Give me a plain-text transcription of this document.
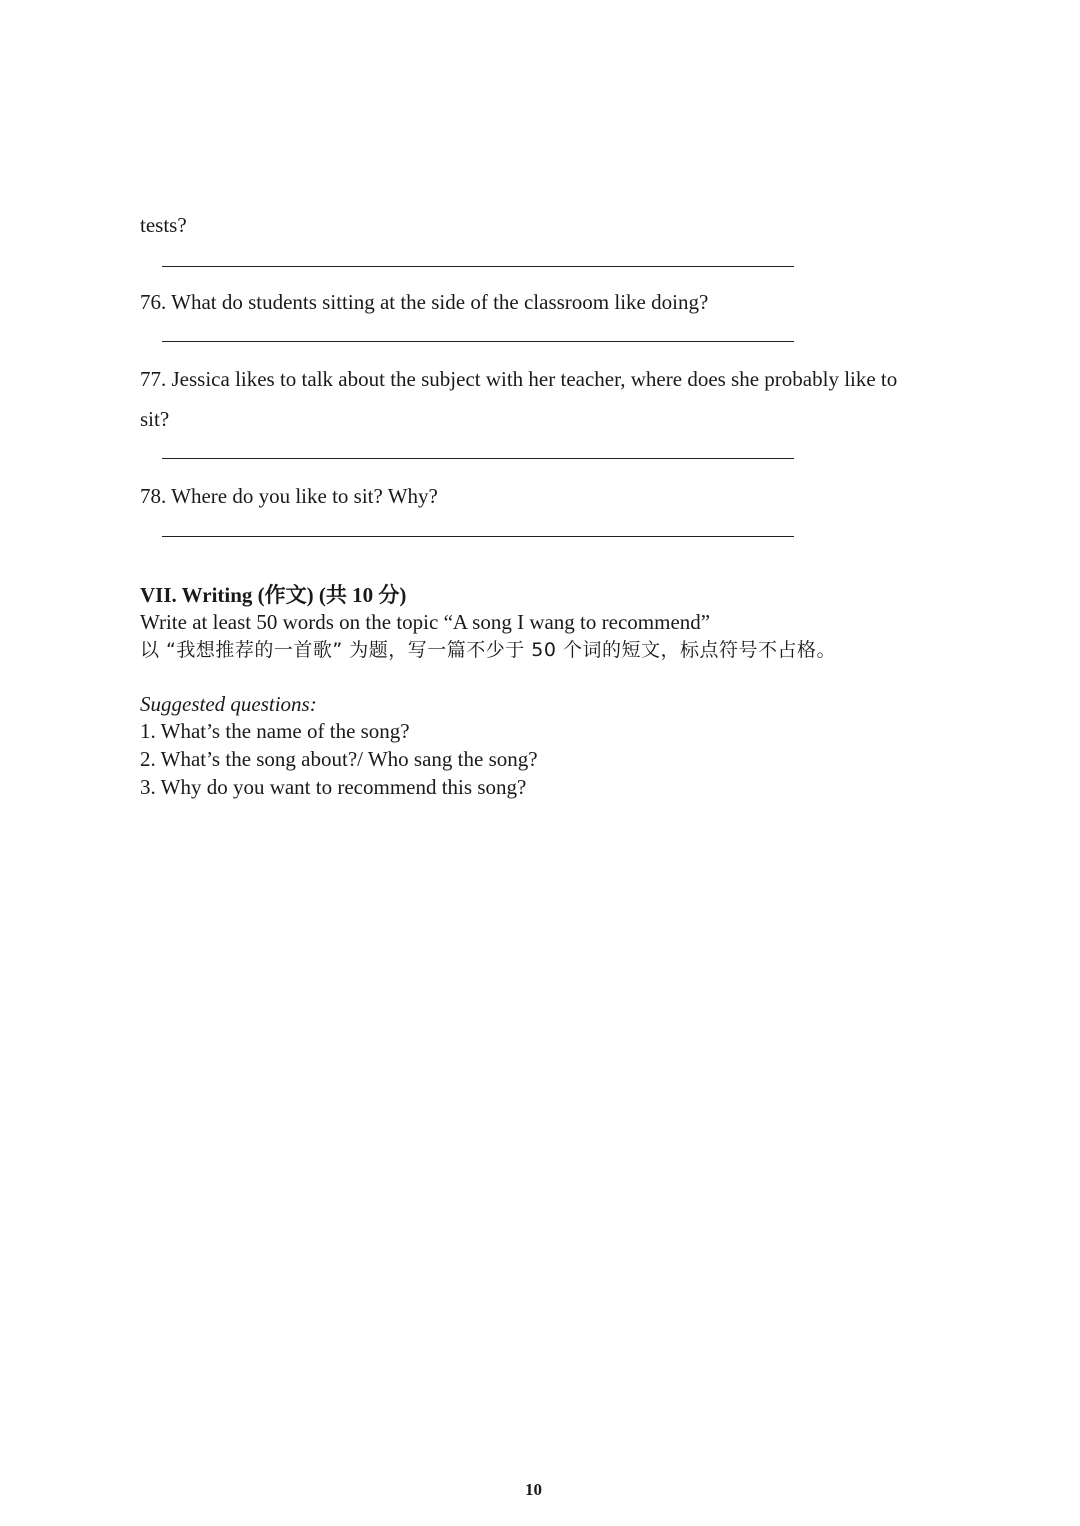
tests?
76. What do students sitting at the side of the classroom like doing?
77. Jessica likes to talk about the subject with her teacher, where does she probably like to
sit?
78. Where do you like to sit? Why?
VII. Writing (作文) (共 10 分)
Write at least 50 words on the topic “A song I wang to recommend”
以 “我想推荐的一首歌” 为题，写一篇不少于 50 个词的短文，标点符号不占格。
Suggested questions:
1. What’s the name of the song?
2. What’s the song about?/ Who sang the song?
3. Why do you want to recommend this song?
10
